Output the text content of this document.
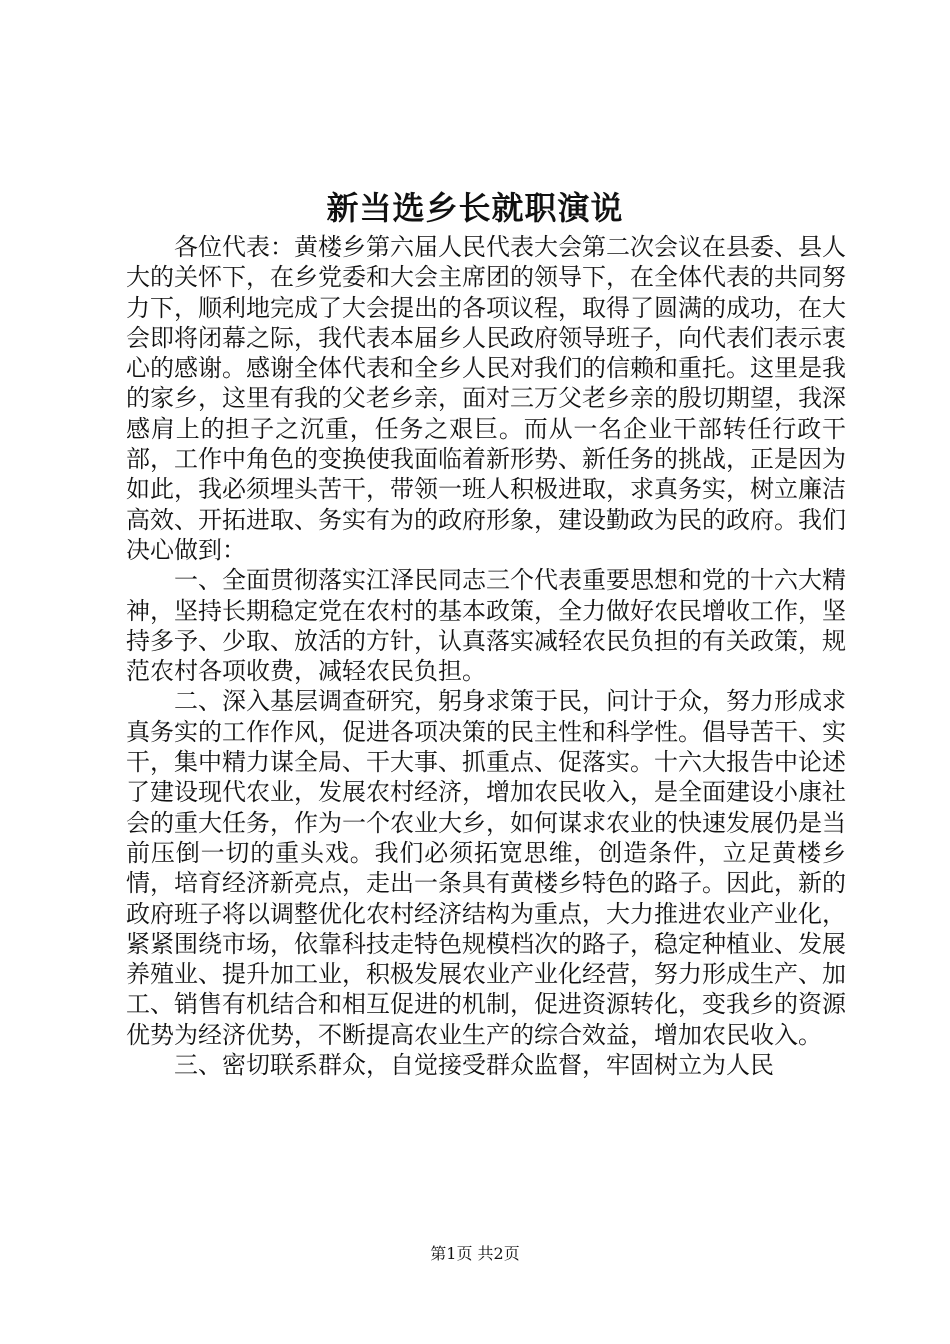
新当选乡长就职演说

各位代表：黄楼乡第六届人民代表大会第二次会议在县委、县人大的关怀下，在乡党委和大会主席团的领导下，在全体代表的共同努力下，顺利地完成了大会提出的各项议程，取得了圆满的成功，在大会即将闭幕之际，我代表本届乡人民政府领导班子，向代表们表示衷心的感谢。感谢全体代表和全乡人民对我们的信赖和重托。这里是我的家乡，这里有我的父老乡亲，面对三万父老乡亲的殷切期望，我深感肩上的担子之沉重，任务之艰巨。而从一名企业干部转任行政干部，工作中角色的变换使我面临着新形势、新任务的挑战，正是因为如此，我必须埋头苦干，带领一班人积极进取，求真务实，树立廉洁高效、开拓进取、务实有为的政府形象，建设勤政为民的政府。我们决心做到：

一、全面贯彻落实江泽民同志三个代表重要思想和党的十六大精神，坚持长期稳定党在农村的基本政策，全力做好农民增收工作，坚持多予、少取、放活的方针，认真落实减轻农民负担的有关政策，规范农村各项收费，减轻农民负担。

二、深入基层调查研究，躬身求策于民，问计于众，努力形成求真务实的工作作风，促进各项决策的民主性和科学性。倡导苦干、实干，集中精力谋全局、干大事、抓重点、促落实。十六大报告中论述了建设现代农业，发展农村经济，增加农民收入，是全面建设小康社会的重大任务，作为一个农业大乡，如何谋求农业的快速发展仍是当前压倒一切的重头戏。我们必须拓宽思维，创造条件，立足黄楼乡情，培育经济新亮点，走出一条具有黄楼乡特色的路子。因此，新的政府班子将以调整优化农村经济结构为重点，大力推进农业产业化，紧紧围绕市场，依靠科技走特色规模档次的路子，稳定种植业、发展养殖业、提升加工业，积极发展农业产业化经营，努力形成生产、加工、销售有机结合和相互促进的机制，促进资源转化，变我乡的资源优势为经济优势，不断提高农业生产的综合效益，增加农民收入。

三、密切联系群众，自觉接受群众监督，牢固树立为人民

第1页 共2页
